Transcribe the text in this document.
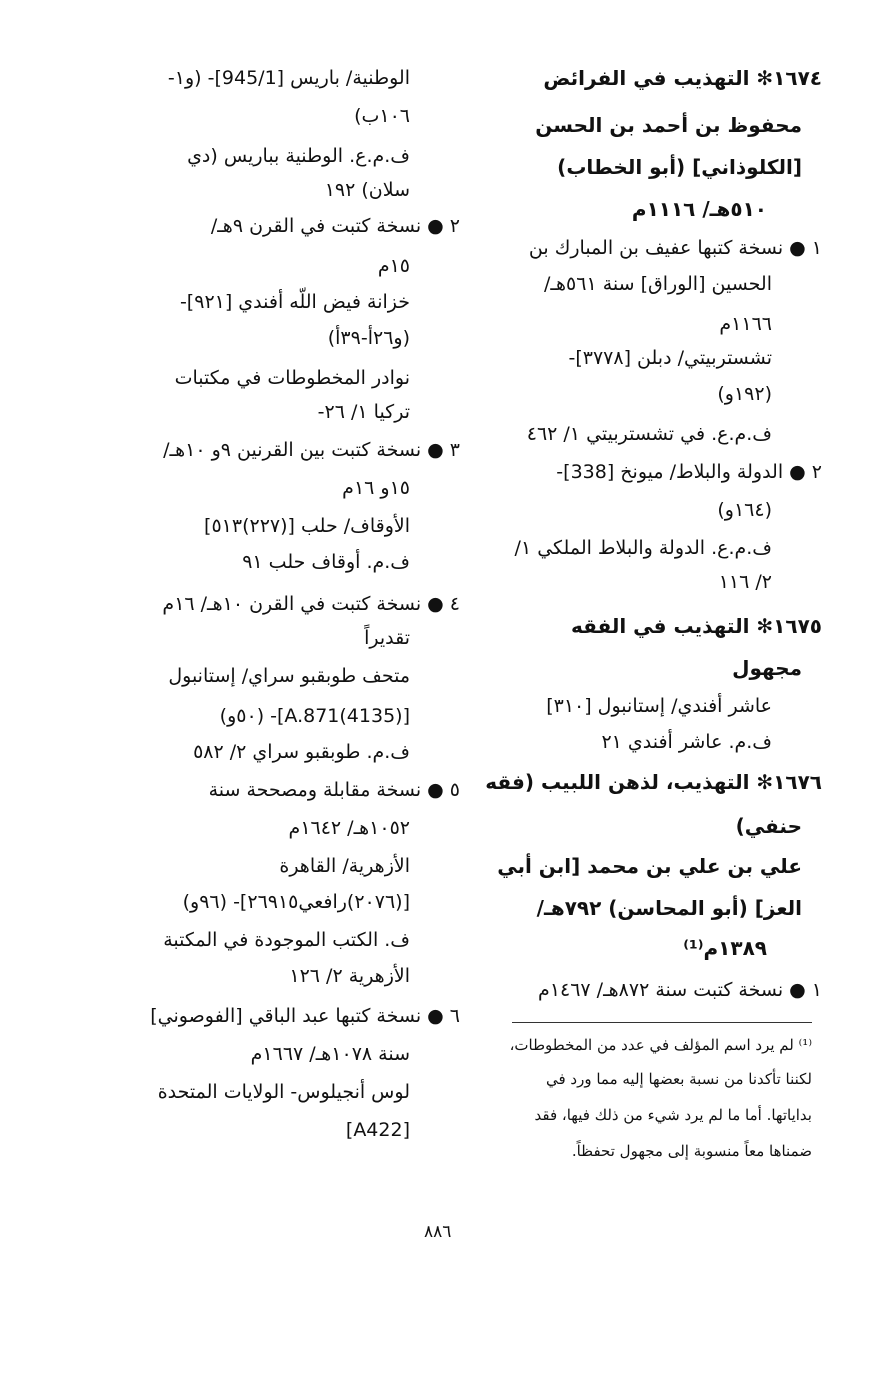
١٦٧٤✻ التهذيب في الفرائض
محفوظ بن أحمد بن الحسن
[الكلوذاني] (أبو الخطاب)
٥١٠هـ/ ١١١٦م
١ ● نسخة كتبها عفيف بن المبارك بن
الحسين [الوراق] سنة ٥٦١هـ/
١١٦٦م
تشستربيتي/ دبلن [٣٧٧٨]-
(١٩٢و)
ف.م.ع. في تشستربيتي ١/ ٤٦٢
٢ ● الدولة والبلاط/ ميونخ [338]-
(١٦٤و)
ف.م.ع. الدولة والبلاط الملكي ١/
٢/ ١١٦
١٦٧٥✻ التهذيب في الفقه
مجهول
عاشر أفندي/ إستانبول [٣١٠]
ف.م. عاشر أفندي ٢١
١٦٧٦✻ التهذيب، لذهن اللبيب (فقه
حنفي)
علي بن علي بن محمد [ابن أبي
العز] (أبو المحاسن) ٧٩٢هـ/
١٣٨٩م⁽¹⁾
١ ● نسخة كتبت سنة ٨٧٢هـ/ ١٤٦٧م
الوطنية/ باريس [945/1]- (و١-
١٠٦ب)
ف.م.ع. الوطنية بباريس (دي
سلان) ١٩٢
٢ ● نسخة كتبت في القرن ٩هـ/
١٥م
خزانة فيض اللّه أفندي [٩٢١]-
(و٢٦أ-٣٩أ)
نوادر المخطوطات في مكتبات
تركيا ١/ ٢٦-
٣ ● نسخة كتبت بين القرنين ٩و ١٠هـ/
١٥و ١٦م
الأوقاف/ حلب [(٢٢٧)٥١٣]
ف.م. أوقاف حلب ٩١
٤ ● نسخة كتبت في القرن ١٠هـ/ ١٦م
تقديراً
متحف طوبقبو سراي/ إستانبول
[A.871(4135)]- (٥٠و)
ف.م. طوبقبو سراي ٢/ ٥٨٢
٥ ● نسخة مقابلة ومصححة سنة
١٠٥٢هـ/ ١٦٤٢م
الأزهرية/ القاهرة
[(٢٠٧٦)رافعي٢٦٩١٥]- (٩٦و)
ف. الكتب الموجودة في المكتبة
الأزهرية ٢/ ١٢٦
٦ ● نسخة كتبها عبد الباقي [الفوصوني]
سنة ١٠٧٨هـ/ ١٦٦٧م
لوس أنجيلوس- الولايات المتحدة
[A422]
⁽¹⁾ لم يرد اسم المؤلف في عدد من المخطوطات،
لكننا تأكدنا من نسبة بعضها إليه مما ورد في
بداياتها. أما ما لم يرد شيء من ذلك فيها، فقد
ضمناها معاً منسوبة إلى مجهول تحفظاً.
٨٨٦
